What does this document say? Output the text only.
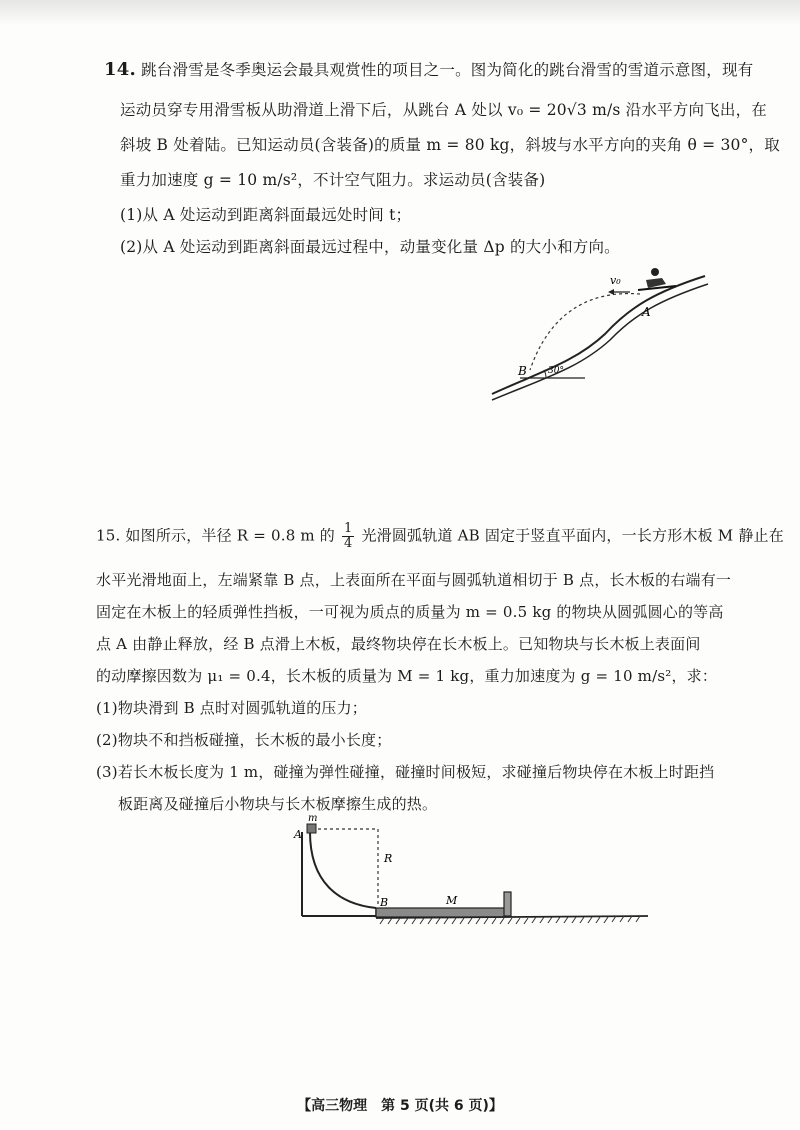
14. 跳台滑雪是冬季奥运会最具观赏性的项目之一。图为简化的跳台滑雪的雪道示意图，现有
运动员穿专用滑雪板从助滑道上滑下后，从跳台 A 处以 v₀ = 20√3 m/s 沿水平方向飞出，在
斜坡 B 处着陆。已知运动员(含装备)的质量 m = 80 kg，斜坡与水平方向的夹角 θ = 30°，取
重力加速度 g = 10 m/s²，不计空气阻力。求运动员(含装备)
(1)从 A 处运动到距离斜面最远处时间 t；
(2)从 A 处运动到距离斜面最远过程中，动量变化量 Δp 的大小和方向。
v₀
A
B 30°
15. 如图所示，半径 R = 0.8 m 的 $\frac{1}{4}$ 光滑圆弧轨道 AB 固定于竖直平面内，一长方形木板 M 静止在
水平光滑地面上，左端紧靠 B 点，上表面所在平面与圆弧轨道相切于 B 点，长木板的右端有一
固定在木板上的轻质弹性挡板，一可视为质点的质量为 m = 0.5 kg 的物块从圆弧圆心的等高
点 A 由静止释放，经 B 点滑上木板，最终物块停在长木板上。已知物块与长木板上表面间
的动摩擦因数为 μ₁ = 0.4，长木板的质量为 M = 1 kg，重力加速度为 g = 10 m/s²，求：
(1)物块滑到 B 点时对圆弧轨道的压力；
(2)物块不和挡板碰撞，长木板的最小长度；
(3)若长木板长度为 1 m，碰撞为弹性碰撞，碰撞时间极短，求碰撞后物块停在木板上时距挡
板距离及碰撞后小物块与长木板摩擦生成的热。
m
A
R
B	M
【高三物理　第 5 页(共 6 页)】
